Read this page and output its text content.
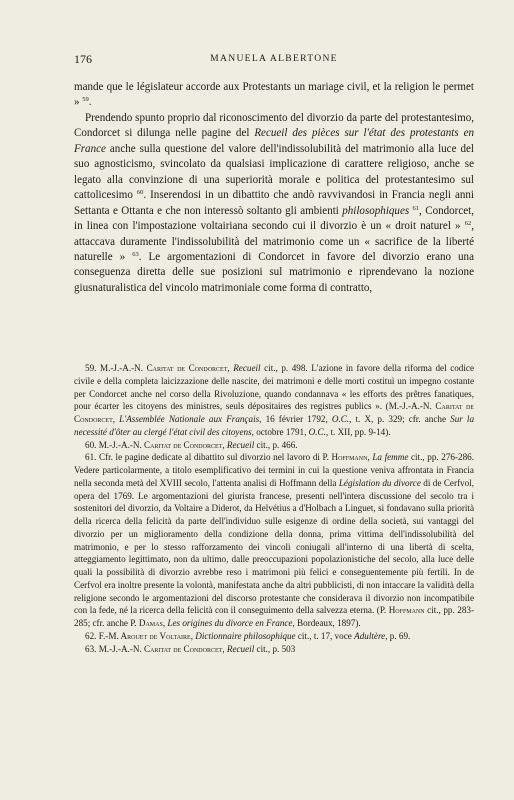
176	MANUELA ALBERTONE

mande que le législateur accorde aux Protestants un mariage civil, et la religion le permet » $^{59}$.

Prendendo spunto proprio dal riconoscimento del divorzio da parte del protestantesimo, Condorcet si dilunga nelle pagine del Recueil des pièces sur l'état des protestants en France anche sulla questione del valore dell'indissolubilità del matrimonio alla luce del suo agnosticismo, svincolato da qualsiasi implicazione di carattere religioso, anche se legato alla convinzione di una superiorità morale e politica del protestantesimo sul cattolicesimo $^{60}$. Inserendosi in un dibattito che andò ravvivandosi in Francia negli anni Settanta e Ottanta e che non interessò soltanto gli ambienti philosophiques $^{61}$, Condorcet, in linea con l'impostazione voltairiana secondo cui il divorzio è un « droit naturel » $^{62}$, attaccava duramente l'indissolubilità del matrimonio come un « sacrifice de la liberté naturelle » $^{63}$. Le argomentazioni di Condorcet in favore del divorzio erano una conseguenza diretta delle sue posizioni sul matrimonio e riprendevano la nozione giusnaturalistica del vincolo matrimoniale come forma di contratto,

59. M.-J.-A.-N. Caritat de Condorcet, Recueil cit., p. 498. L'azione in favore della riforma del codice civile e della completa laicizzazione delle nascite, dei matrimoni e delle morti costituì un impegno costante per Condorcet anche nel corso della Rivoluzione, quando condannava « les efforts des prêtres fanatiques, pour écarter les citoyens des ministres, seuls dépositaires des registres publics ». (M.-J.-A.-N. Caritat de Condorcet, L'Assemblée Nationale aux Français, 16 février 1792, O.C., t. X, p. 329; cfr. anche Sur la necessité d'ôter au clergé l'état civil des citoyens, octobre 1791, O.C., t. XII, pp. 9-14).

60. M.-J.-A.-N. Caritat de Condorcet, Recueil cit., p. 466.

61. Cfr. le pagine dedicate al dibattito sul divorzio nel lavoro di P. Hoffmann, La femme cit., pp. 276-286. Vedere particolarmente, a titolo esemplificativo dei termini in cui la questione veniva affrontata in Francia nella seconda metà del XVIII secolo, l'attenta analisi di Hoffmann della Législation du divorce di de Cerfvol, opera del 1769. Le argomentazioni del giurista francese, presenti nell'intera discussione del secolo tra i sostenitori del divorzio, da Voltaire a Diderot, da Helvétius a d'Holbach a Linguet, si fondavano sulla priorità della ricerca della felicità da parte dell'individuo sulle esigenze di ordine della società, sui vantaggi del divorzio per un miglioramento della condizione della donna, prima vittima dell'indissolubilità del matrimonio, e per lo stesso rafforzamento dei vincoli coniugali all'interno di una libertà di scelta, atteggiamento legittimato, non da ultimo, dalle preoccupazioni popolazionistiche del secolo, alla luce delle quali la possibilità di divorzio avrebbe reso i matrimoni più felici e conseguentemente più fertili. In de Cerfvol era inoltre presente la volontà, manifestata anche da altri pubblicisti, di non intaccare la validità della religione secondo le argomentazioni del discorso protestante che considerava il divorzio non incompatibile con la fede, né la ricerca della felicità con il conseguimento della salvezza eterna. (P. Hoffmann cit., pp. 283-285; cfr. anche P. Damas, Les origines du divorce en France, Bordeaux, 1897).

62. F.-M. Arouet de Voltaire, Dictionnaire philosophique cit., t. 17, voce Adultère, p. 69.

63. M.-J.-A.-N. Caritat de Condorcet, Recueil cit., p. 503
